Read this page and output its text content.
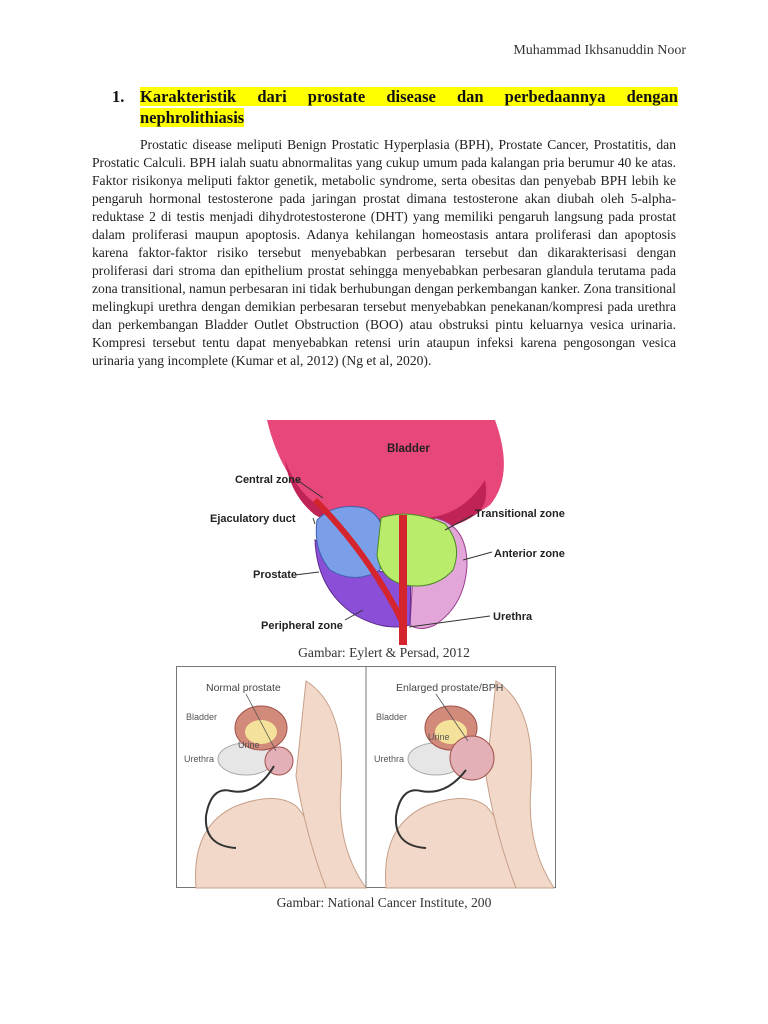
Muhammad Ikhsanuddin Noor
1. Karakteristik dari prostate disease dan perbedaannya dengan nephrolithiasis

Prostatic disease meliputi Benign Prostatic Hyperplasia (BPH), Prostate Cancer, Prostatitis, dan Prostatic Calculi. BPH ialah suatu abnormalitas yang cukup umum pada kalangan pria berumur 40 ke atas. Faktor risikonya meliputi faktor genetik, metabolic syndrome, serta obesitas dan penyebab BPH lebih ke pengaruh hormonal testosterone pada jaringan prostat dimana testosterone akan diubah oleh 5-alpha-reduktase 2 di testis menjadi dihydrotestosterone (DHT) yang memiliki pengaruh langsung pada prostat dalam proliferasi maupun apoptosis. Adanya kehilangan homeostasis antara proliferasi dan apoptosis karena faktor-faktor risiko tersebut menyebabkan perbesaran tersebut dan dikarakterisasi dengan proliferasi dari stroma dan epithelium prostat sehingga menyebabkan perbesaran glandula terutama pada zona transitional, namun perbesaran ini tidak berhubungan dengan perkembangan kanker. Zona transitional melingkupi urethra dengan demikian perbesaran tersebut menyebabkan penekanan/kompresi pada urethra dan perkembangan Bladder Outlet Obstruction (BOO) atau obstruksi pintu keluarnya vesica urinaria. Kompresi tersebut tentu dapat menyebabkan retensi urin ataupun infeksi karena pengosongan vesica urinaria yang incomplete (Kumar et al, 2012) (Ng et al, 2020).

Bladder
Central zone
Ejaculatory duct
Prostate
Peripheral zone
Transitional zone
Anterior zone
Urethra
Gambar: Eylert & Persad, 2012
Normal prostate
Bladder
Urine
Urethra
Enlarged prostate/BPH
Bladder
Urine
Urethra
Gambar: National Cancer Institute, 200
